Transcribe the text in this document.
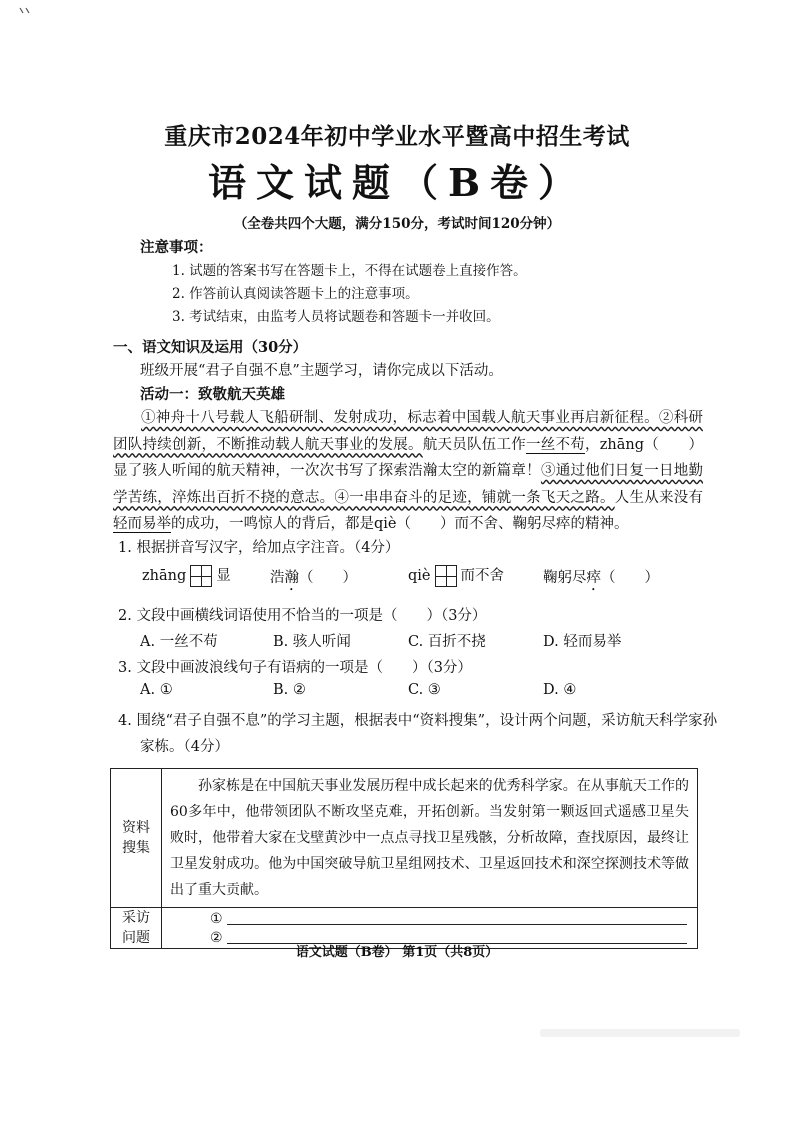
重庆市2024年初中学业水平暨高中招生考试
语文试题（B卷）
（全卷共四个大题，满分150分，考试时间120分钟）
注意事项：
1. 试题的答案书写在答题卡上，不得在试题卷上直接作答。
2. 作答前认真阅读答题卡上的注意事项。
3. 考试结束，由监考人员将试题卷和答题卡一并收回。
一、语文知识及运用（30分）
班级开展“君子自强不息”主题学习，请你完成以下活动。
活动一：致敬航天英雄
①神舟十八号载人飞船研制、发射成功，标志着中国载人航天事业再启新征程。②科研团队持续创新，不断推动载人航天事业的发展。航天员队伍工作一丝不苟，zhāng（　　）显了骇人听闻的航天精神，一次次书写了探索浩瀚太空的新篇章！③通过他们日复一日地勤学苦练，淬炼出百折不挠的意志。④一串串奋斗的足迹，铺就一条飞天之路。人生从来没有轻而易举的成功，一鸣惊人的背后，都是qiè（　　）而不舍、鞠躬尽瘁的精神。
1. 根据拼音写汉字，给加点字注音。（4分）
zhāng 显	浩瀚（　　）	qiè 而不舍	鞠躬尽瘁（　　）
2. 文段中画横线词语使用不恰当的一项是（　　）（3分）
A. 一丝不苟	B. 骇人听闻	C. 百折不挠	D. 轻而易举
3. 文段中画波浪线句子有语病的一项是（　　）（3分）
A. ①	B. ②	C. ③	D. ④
4. 围绕“君子自强不息”的学习主题，根据表中“资料搜集”，设计两个问题，采访航天科学家孙家栋。（4分）
资料搜集	孙家栋是在中国航天事业发展历程中成长起来的优秀科学家。在从事航天工作的60多年中，他带领团队不断攻坚克难，开拓创新。当发射第一颗返回式遥感卫星失败时，他带着大家在戈壁黄沙中一点点寻找卫星残骸，分析故障，查找原因，最终让卫星发射成功。他为中国突破导航卫星组网技术、卫星返回技术和深空探测技术等做出了重大贡献。
采访问题	①
②
语文试题（B卷） 第1页（共8页）
